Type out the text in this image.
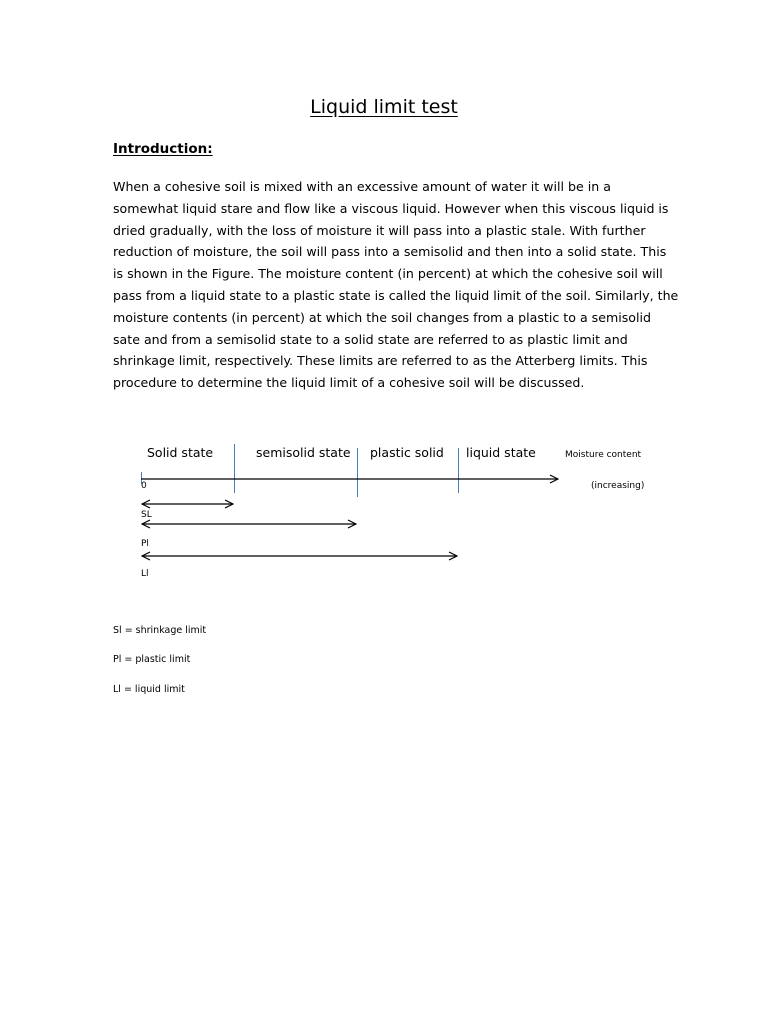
Liquid limit test
Introduction:
When a cohesive soil is mixed with an excessive amount of water it will be in a
somewhat liquid stare and flow like a viscous liquid. However when this viscous liquid is
dried gradually, with the loss of moisture it will pass into a plastic stale. With further
reduction of moisture, the soil will pass into a semisolid and then into a solid state. This
is shown in the Figure. The moisture content (in percent) at which the cohesive soil will
pass from a liquid state to a plastic state is called the liquid limit of the soil. Similarly, the
moisture contents (in percent) at which the soil changes from a plastic to a semisolid
sate and from a semisolid state to a solid state are referred to as plastic limit and
shrinkage limit, respectively. These limits are referred to as the Atterberg limits. This
procedure to determine the liquid limit of a cohesive soil will be discussed.
Solid state	semisolid state plastic solid liquid state	Moisture content
(increasing)
0
SL
Pl
Ll
Sl = shrinkage limit
Pl = plastic limit
Ll = liquid limit
